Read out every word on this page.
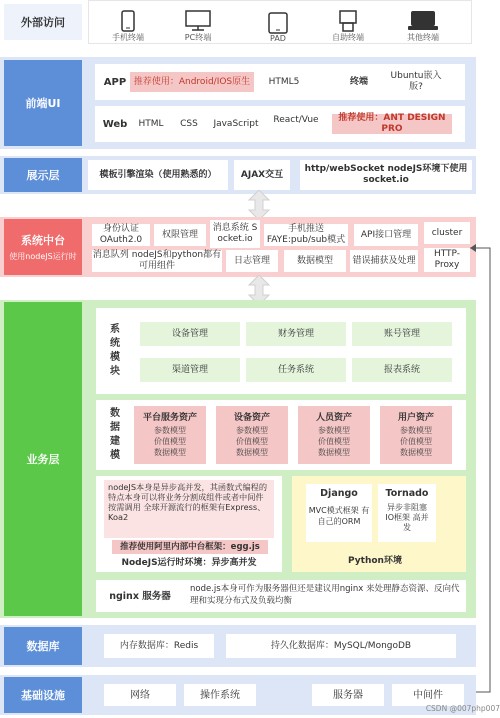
外部访问
手机终端	PC终端	PAD	自助终端	其他终端
前端UI
APP 推荐使用：Android/IOS原生	HTML5	终端
Ubuntu嵌入版?
Web	HTML	CSS	JavaScript	React/Vue	推荐使用：ANT DESIGN PRO
展示层	模板引擎渲染（使用熟悉的）	AJAX交互
http/webSocket nodeJS环境下使用socket.io
系统中台
使用nodeJS运行时
身份认证 OAuth2.0
权限管理
消息系统 Socket.io
手机推送 FAYE:pub/sub模式
API接口管理
消息队列 nodeJS和python都有可用组件
日志管理	数据模型	错误捕获及处理
cluster
HTTP-Proxy
业务层
系统模块
设备管理	财务管理	账号管理
渠道管理	任务系统	报表系统
数据建模
平台服务资产
参数模型
价值模型
数据模型
设备资产
参数模型
价值模型
数据模型
人员资产
参数模型
价值模型
数据模型
用户资产
参数模型
价值模型
数据模型
nodeJS本身是异步高并发，其函数式编程的特点本身可以将业务分割成组件或者中间件按需调用 全球开源流行的框架有Express、Koa2
推荐使用阿里内部中台框架：egg.js
NodeJS运行时环境：异步高并发
Django
MVC模式框架 有自己的ORM
Tornado
异步非阻塞 IO框架 高并发
Python环境
nginx 服务器
node.js本身可作为服务器但还是建议用nginx 来处理静态资源、反向代理和实现分布式及负载均衡
数据库	内存数据库：Redis	持久化数据库：MySQL/MongoDB
基础设施	网络	操作系统	服务器	中间件
CSDN @007php007
